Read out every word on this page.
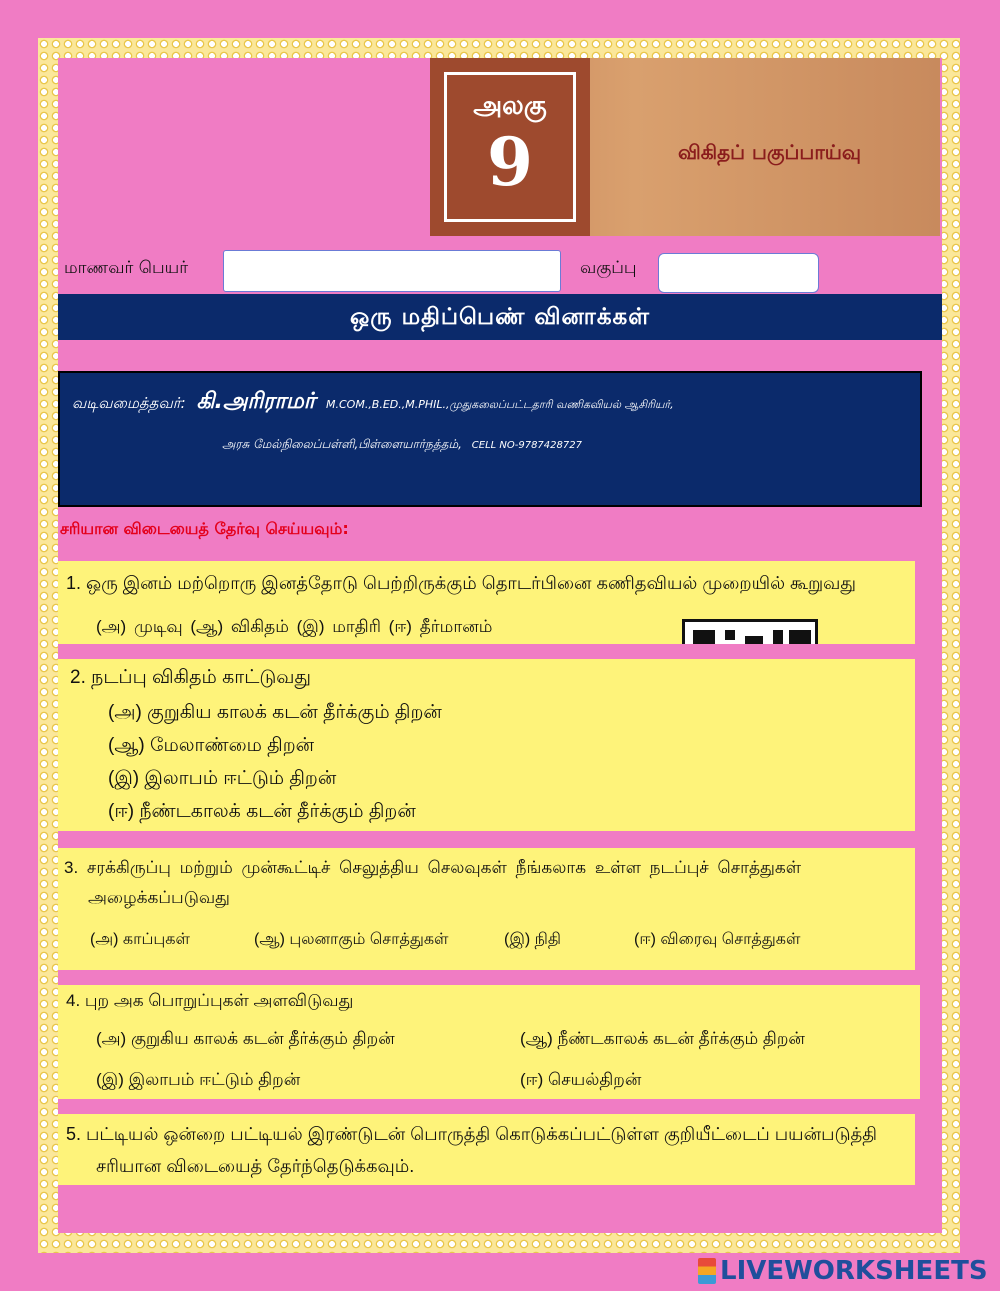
அலகு
9	விகிதப் பகுப்பாய்வு
மாணவர் பெயர்	வகுப்பு
ஒரு மதிப்பெண் வினாக்கள்
வடிவமைத்தவர்: கி.அரிராமர் M.COM.,B.ED.,M.PHIL.,முதுகலைப்பட்டதாரி வணிகவியல் ஆசிரியர்,
அரசு மேல்நிலைப்பள்ளி,பிள்ளையார்நத்தம், CELL NO-9787428727
சரியான விடையைத் தேர்வு செய்யவும்:
1. ஒரு இனம் மற்றொரு இனத்தோடு பெற்றிருக்கும் தொடர்பினை கணிதவியல் முறையில் கூறுவது
(அ) முடிவு (ஆ) விகிதம் (இ) மாதிரி (ஈ) தீர்மானம்
2. நடப்பு விகிதம் காட்டுவது
(அ) குறுகிய காலக் கடன் தீர்க்கும் திறன்
(ஆ) மேலாண்மை திறன்
(இ) இலாபம் ஈட்டும் திறன்
(ஈ) நீண்டகாலக் கடன் தீர்க்கும் திறன்
3. சரக்கிருப்பு மற்றும் முன்கூட்டிச் செலுத்திய செலவுகள் நீங்கலாக உள்ள நடப்புச் சொத்துகள்
அழைக்கப்படுவது
(அ) காப்புகள்	(ஆ) புலனாகும் சொத்துகள்	(இ) நிதி	(ஈ) விரைவு சொத்துகள்
4. புற அக பொறுப்புகள் அளவிடுவது
(அ) குறுகிய காலக் கடன் தீர்க்கும் திறன்	(ஆ) நீண்டகாலக் கடன் தீர்க்கும் திறன்
(இ) இலாபம் ஈட்டும் திறன்	(ஈ) செயல்திறன்
5. பட்டியல் ஒன்றை பட்டியல் இரண்டுடன் பொருத்தி கொடுக்கப்பட்டுள்ள குறியீட்டைப் பயன்படுத்தி
சரியான விடையைத் தேர்ந்தெடுக்கவும்.
LIVEWORKSHEETS
